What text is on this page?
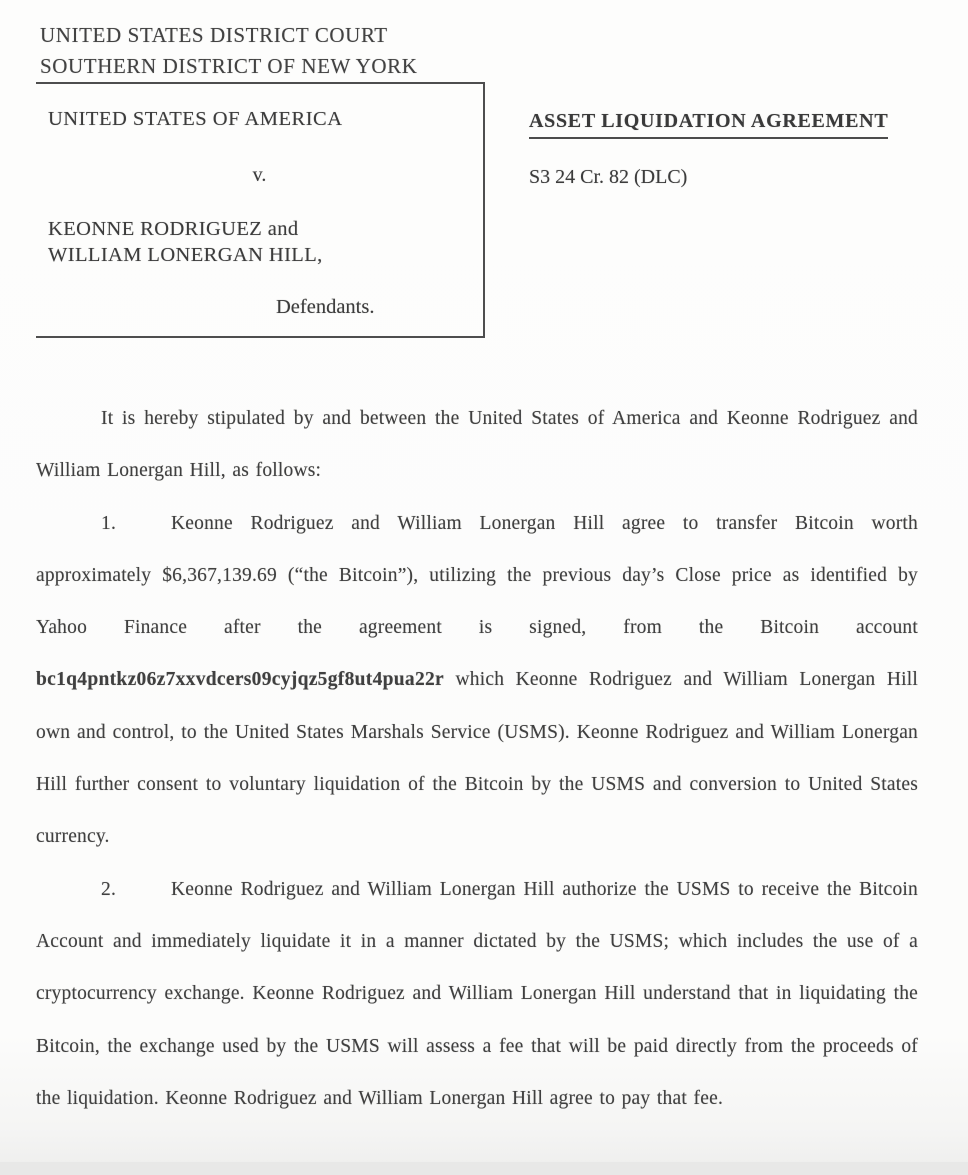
UNITED STATES DISTRICT COURT
SOUTHERN DISTRICT OF NEW YORK
UNITED STATES OF AMERICA
v.
KEONNE RODRIGUEZ and
WILLIAM LONERGAN HILL,
Defendants.
ASSET LIQUIDATION AGREEMENT
S3 24 Cr. 82 (DLC)

It is hereby stipulated by and between the United States of America and Keonne Rodriguez and William Lonergan Hill, as follows:

1.	Keonne Rodriguez and William Lonergan Hill agree to transfer Bitcoin worth approximately $6,367,139.69 (“the Bitcoin”), utilizing the previous day’s Close price as identified by Yahoo Finance after the agreement is signed, from the Bitcoin account bc1q4pntkz06z7xxvdcers09cyjqz5gf8ut4pua22r which Keonne Rodriguez and William Lonergan Hill own and control, to the United States Marshals Service (USMS). Keonne Rodriguez and William Lonergan Hill further consent to voluntary liquidation of the Bitcoin by the USMS and conversion to United States currency.

2.	Keonne Rodriguez and William Lonergan Hill authorize the USMS to receive the Bitcoin Account and immediately liquidate it in a manner dictated by the USMS; which includes the use of a cryptocurrency exchange. Keonne Rodriguez and William Lonergan Hill understand that in liquidating the Bitcoin, the exchange used by the USMS will assess a fee that will be paid directly from the proceeds of the liquidation. Keonne Rodriguez and William Lonergan Hill agree to pay that fee.
